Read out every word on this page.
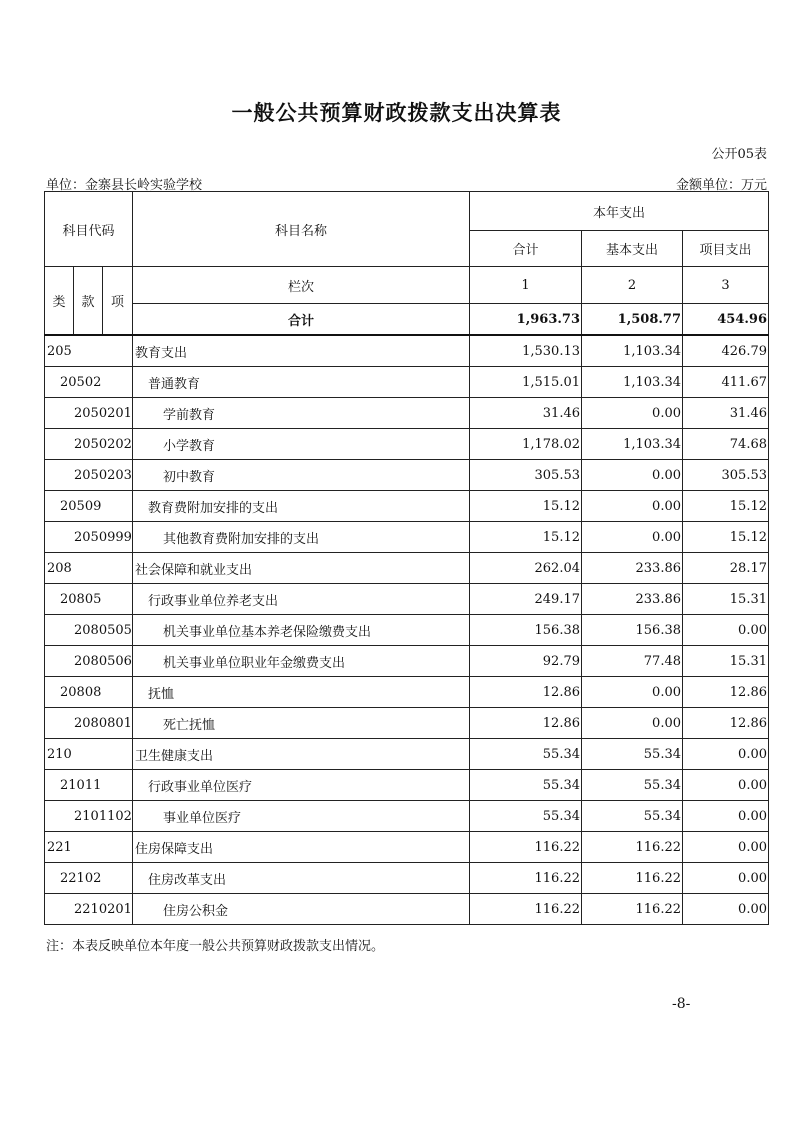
一般公共预算财政拨款支出决算表
公开05表
单位：金寨县长岭实验学校	金额单位：万元
科目代码			科目名称	本年支出		
				合计	基本支出	项目支出
类	款	项	栏次	1	2	3
			合计	1,963.73	1,508.77	454.96
205			教育支出	1,530.13	1,103.34	426.79
20502			普通教育	1,515.01	1,103.34	411.67
2050201			学前教育	31.46	0.00	31.46
2050202			小学教育	1,178.02	1,103.34	74.68
2050203			初中教育	305.53	0.00	305.53
20509			教育费附加安排的支出	15.12	0.00	15.12
2050999			其他教育费附加安排的支出	15.12	0.00	15.12
208			社会保障和就业支出	262.04	233.86	28.17
20805			行政事业单位养老支出	249.17	233.86	15.31
2080505			机关事业单位基本养老保险缴费支出	156.38	156.38	0.00
2080506			机关事业单位职业年金缴费支出	92.79	77.48	15.31
20808			抚恤	12.86	0.00	12.86
2080801			死亡抚恤	12.86	0.00	12.86
210			卫生健康支出	55.34	55.34	0.00
21011			行政事业单位医疗	55.34	55.34	0.00
2101102			事业单位医疗	55.34	55.34	0.00
221			住房保障支出	116.22	116.22	0.00
22102			住房改革支出	116.22	116.22	0.00
2210201			住房公积金	116.22	116.22	0.00
注：本表反映单位本年度一般公共预算财政拨款支出情况。
-8-
